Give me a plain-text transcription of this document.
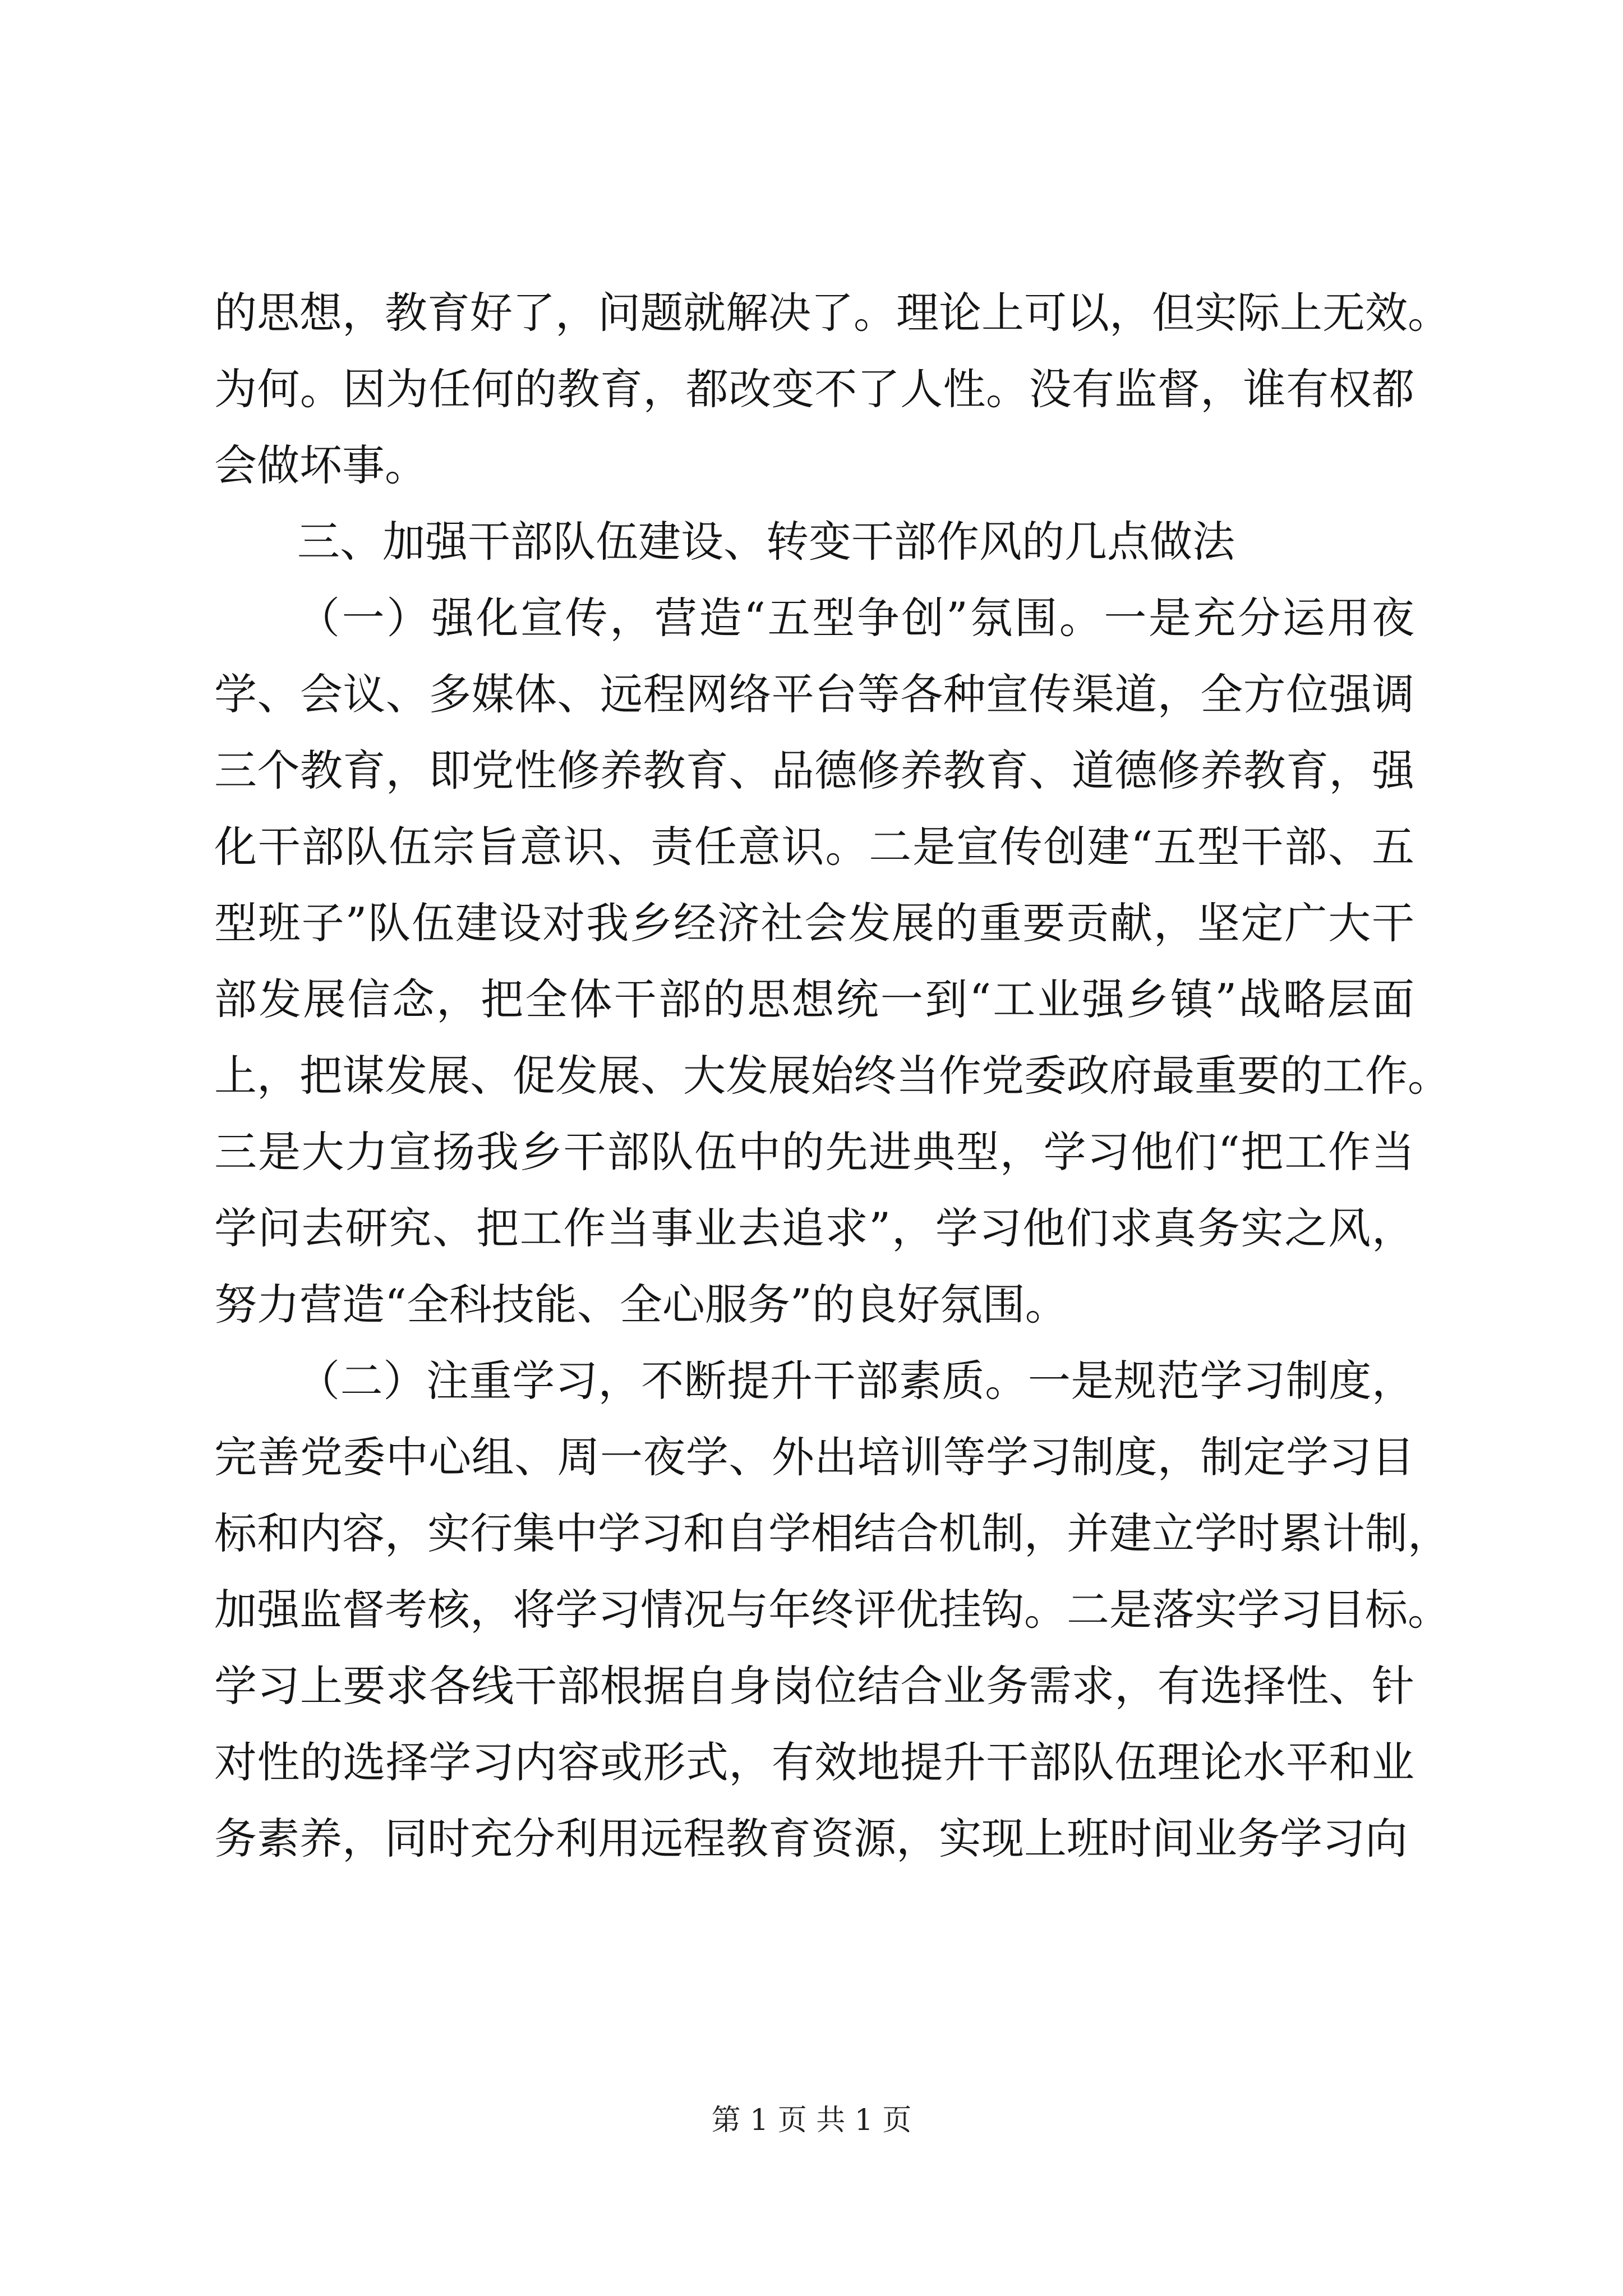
的思想，教育好了，问题就解决了。理论上可以，但实际上无效。
为何。因为任何的教育，都改变不了人性。没有监督，谁有权都
会做坏事。
三、加强干部队伍建设、转变干部作风的几点做法
（一）强化宣传，营造“五型争创”氛围。一是充分运用夜
学、会议、多媒体、远程网络平台等各种宣传渠道，全方位强调
三个教育，即党性修养教育、品德修养教育、道德修养教育，强
化干部队伍宗旨意识、责任意识。二是宣传创建“五型干部、五
型班子”队伍建设对我乡经济社会发展的重要贡献，坚定广大干
部发展信念，把全体干部的思想统一到“工业强乡镇”战略层面
上，把谋发展、促发展、大发展始终当作党委政府最重要的工作。
三是大力宣扬我乡干部队伍中的先进典型，学习他们“把工作当
学问去研究、把工作当事业去追求”，学习他们求真务实之风，
努力营造“全科技能、全心服务”的良好氛围。
（二）注重学习，不断提升干部素质。一是规范学习制度，
完善党委中心组、周一夜学、外出培训等学习制度，制定学习目
标和内容，实行集中学习和自学相结合机制，并建立学时累计制，
加强监督考核，将学习情况与年终评优挂钩。二是落实学习目标。
学习上要求各线干部根据自身岗位结合业务需求，有选择性、针
对性的选择学习内容或形式，有效地提升干部队伍理论水平和业
务素养，同时充分利用远程教育资源，实现上班时间业务学习向
第 1 页 共 1 页
